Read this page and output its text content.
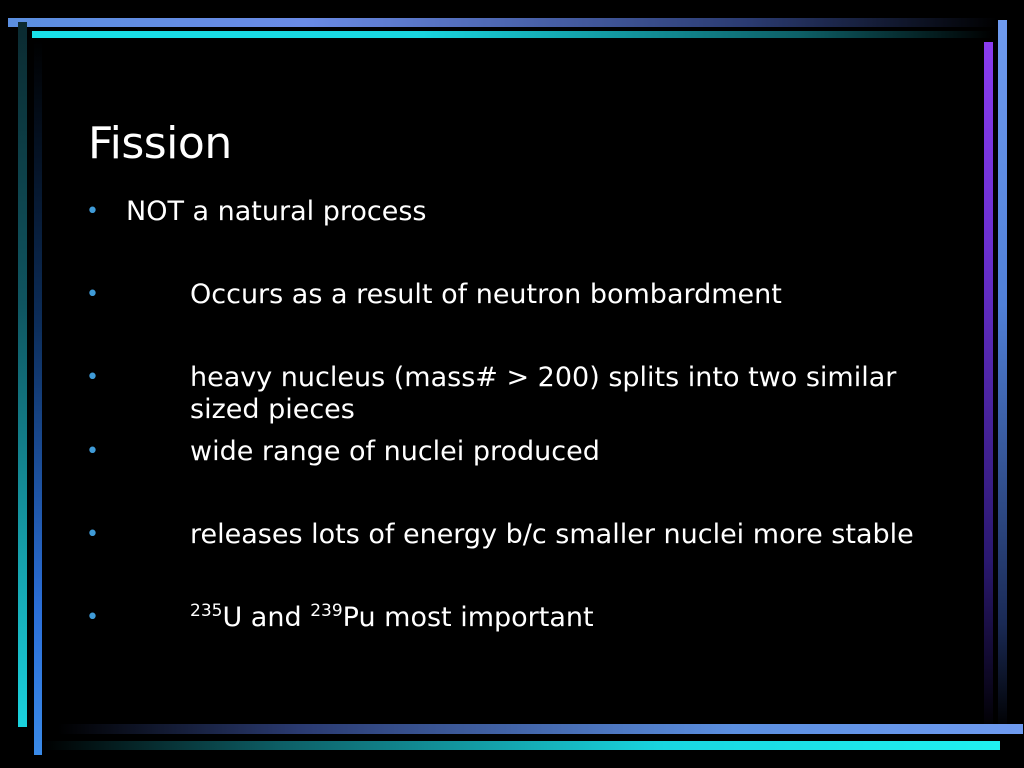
Fission
• NOT a natural process
•	Occurs as a result of neutron bombardment
•	heavy nucleus (mass# > 200) splits into two similar sized pieces
•	wide range of nuclei produced
•	releases lots of energy b/c smaller nuclei more stable
•	$^{235}$U and $^{239}$Pu most important
